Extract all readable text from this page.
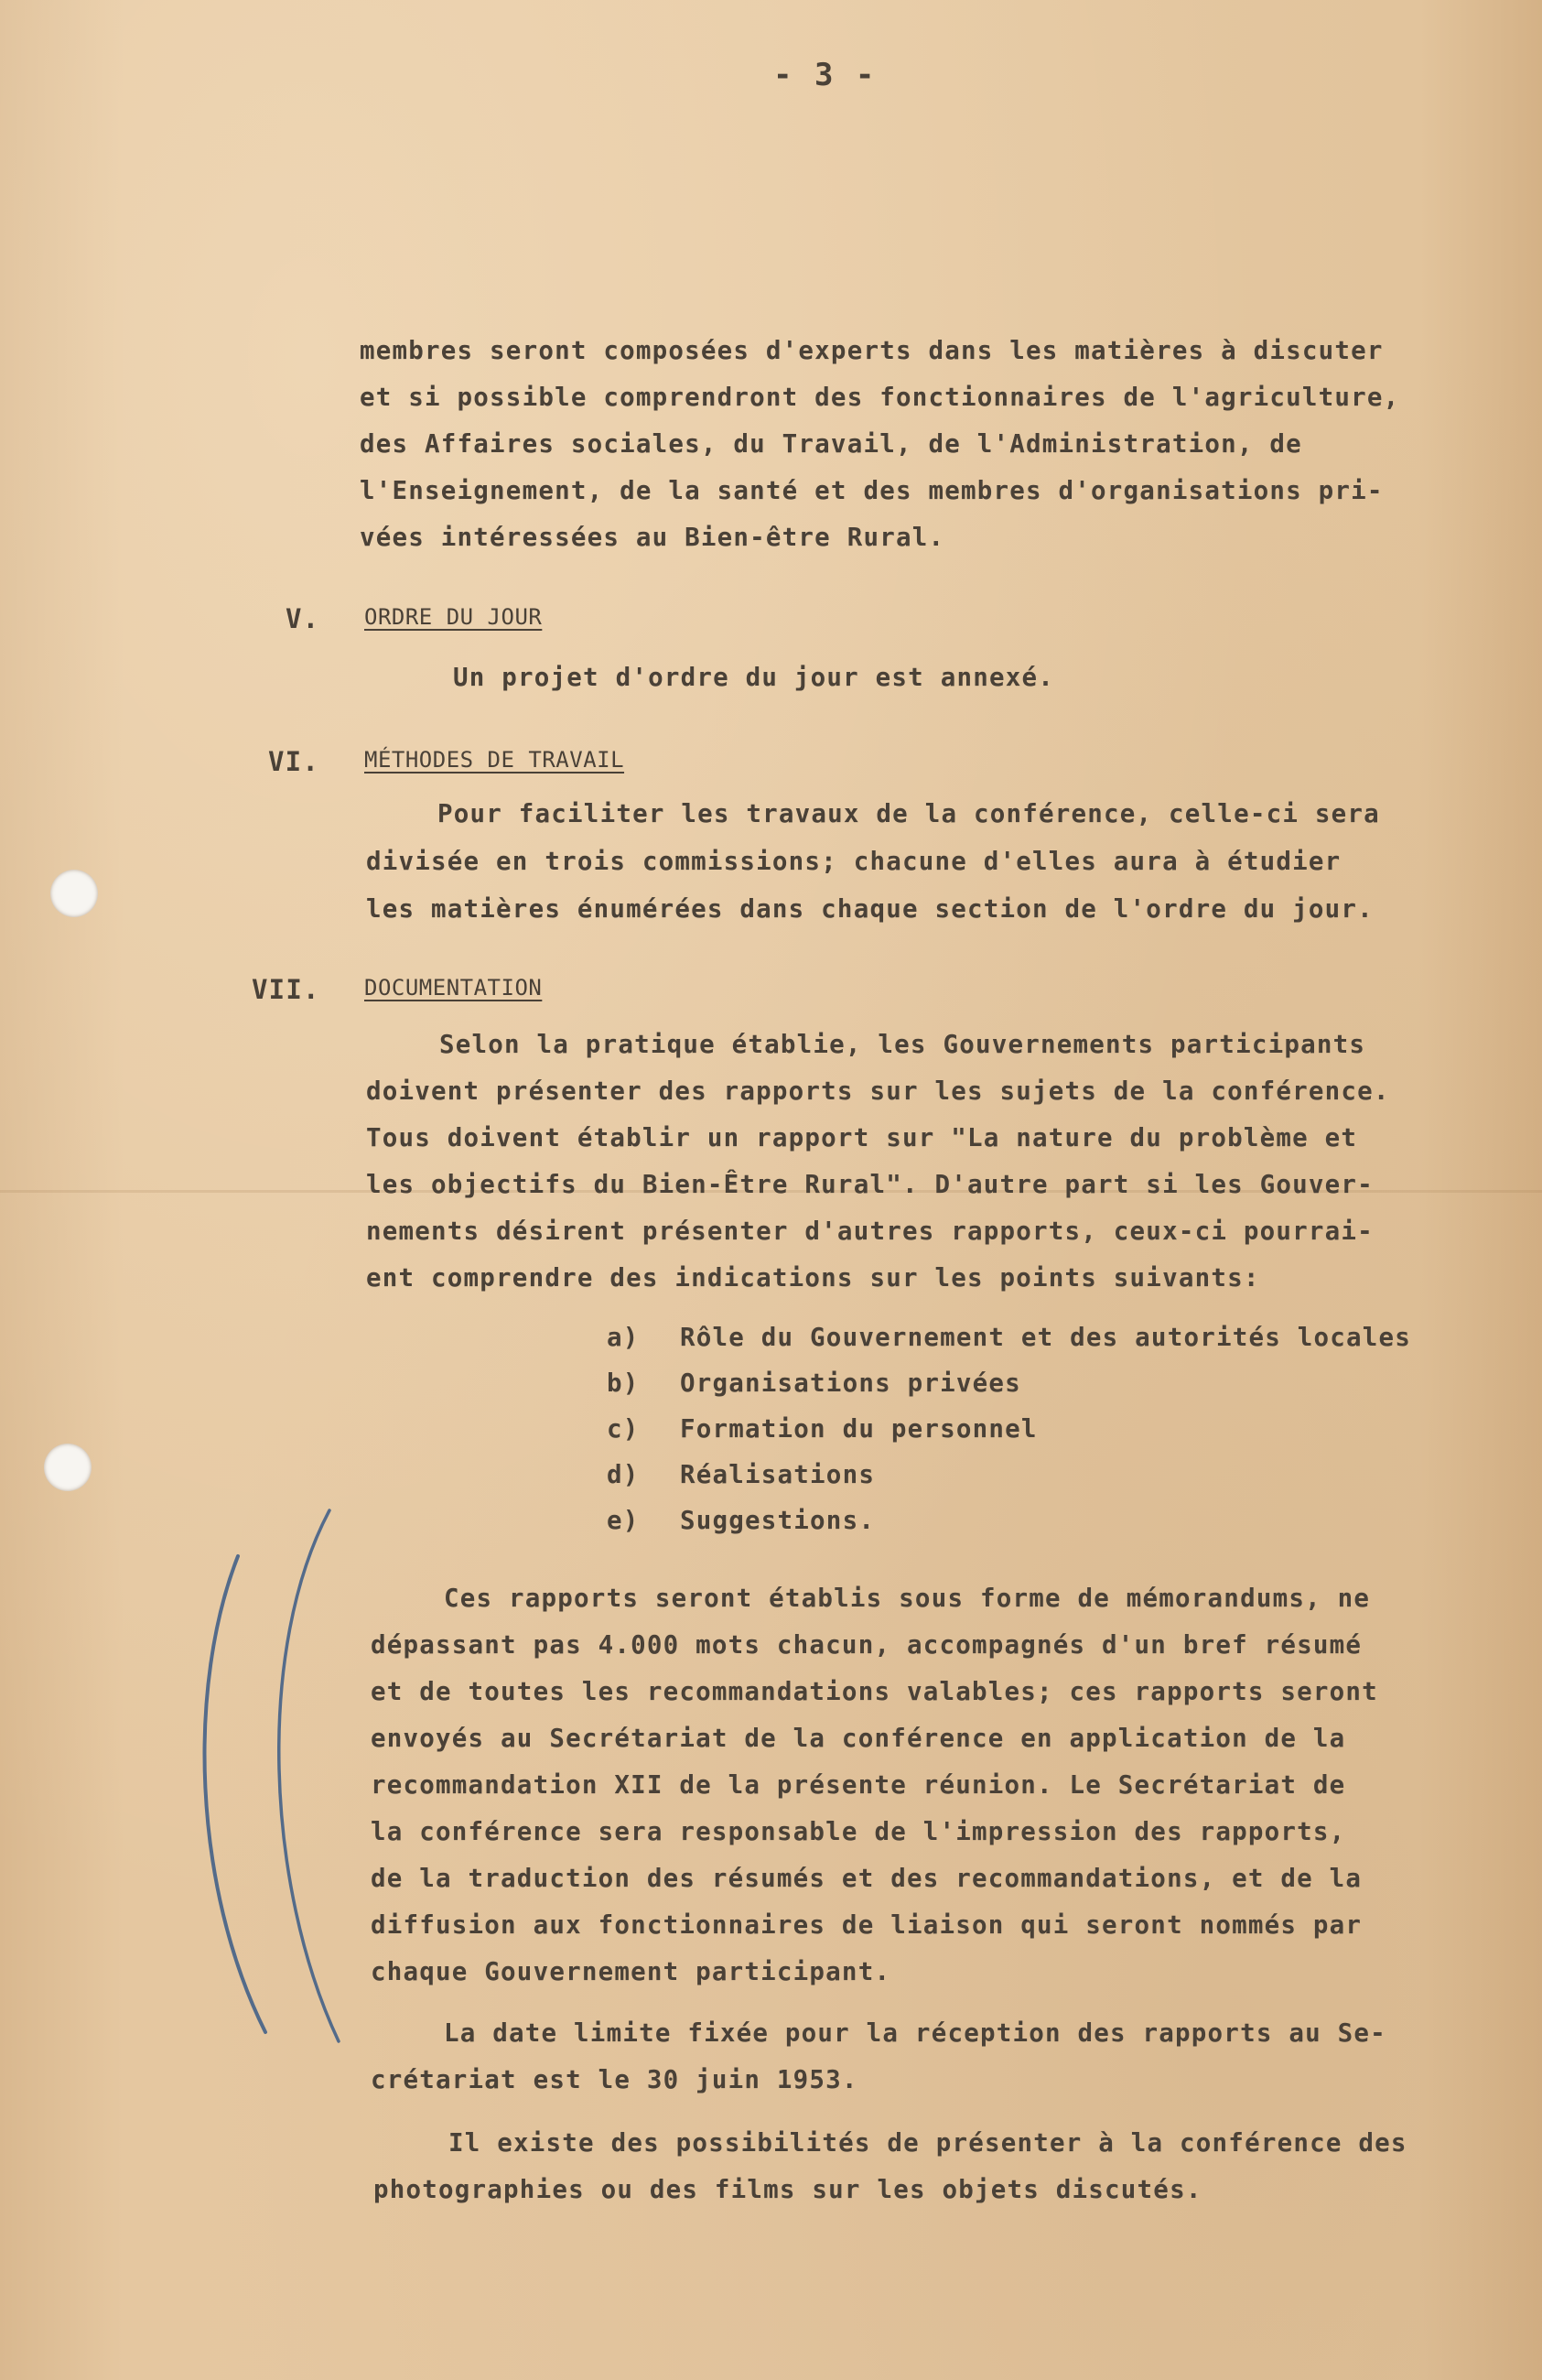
- 3 -

membres seront composées d'experts dans les matières à discuter

et si possible comprendront des fonctionnaires de l'agriculture,

des Affaires sociales, du Travail, de l'Administration, de

l'Enseignement, de la santé et des membres d'organisations pri-

vées intéressées au Bien-être Rural.

V. ORDRE DU JOUR

Un projet d'ordre du jour est annexé.

VI. MÉTHODES DE TRAVAIL

Pour faciliter les travaux de la conférence, celle-ci sera

divisée en trois commissions; chacune d'elles aura à étudier

les matières énumérées dans chaque section de l'ordre du jour.

VII. DOCUMENTATION

Selon la pratique établie, les Gouvernements participants

doivent présenter des rapports sur les sujets de la conférence.

Tous doivent établir un rapport sur "La nature du problème et

les objectifs du Bien-Être Rural". D'autre part si les Gouver-

nements désirent présenter d'autres rapports, ceux-ci pourrai-

ent comprendre des indications sur les points suivants:

a) Rôle du Gouvernement et des autorités locales

b) Organisations privées

c) Formation du personnel

d) Réalisations

e) Suggestions.

Ces rapports seront établis sous forme de mémorandums, ne

dépassant pas 4.000 mots chacun, accompagnés d'un bref résumé

et de toutes les recommandations valables; ces rapports seront

envoyés au Secrétariat de la conférence en application de la

recommandation XII de la présente réunion. Le Secrétariat de

la conférence sera responsable de l'impression des rapports,

de la traduction des résumés et des recommandations, et de la

diffusion aux fonctionnaires de liaison qui seront nommés par

chaque Gouvernement participant.

La date limite fixée pour la réception des rapports au Se-

crétariat est le 30 juin 1953.

Il existe des possibilités de présenter à la conférence des

photographies ou des films sur les objets discutés.
